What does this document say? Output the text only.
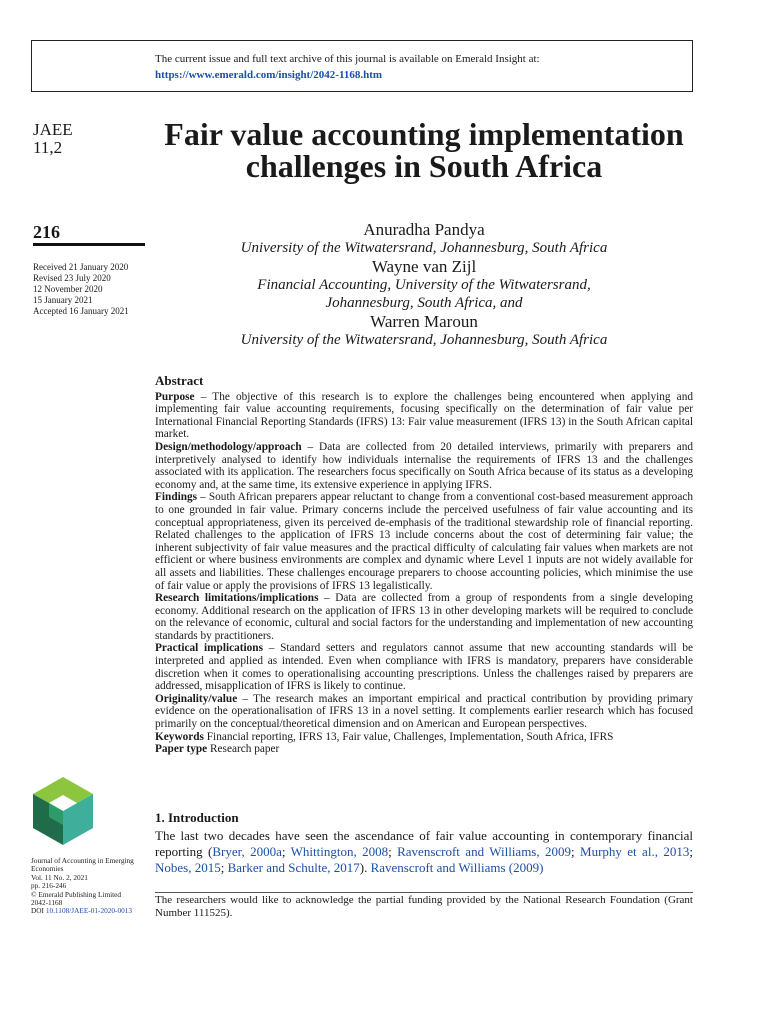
The current issue and full text archive of this journal is available on Emerald Insight at:
https://www.emerald.com/insight/2042-1168.htm
JAEE
11,2
216
Received 21 January 2020
Revised 23 July 2020
12 November 2020
15 January 2021
Accepted 16 January 2021
Fair value accounting implementation challenges in South Africa
Anuradha Pandya
University of the Witwatersrand, Johannesburg, South Africa
Wayne van Zijl
Financial Accounting, University of the Witwatersrand,
Johannesburg, South Africa, and
Warren Maroun
University of the Witwatersrand, Johannesburg, South Africa
Abstract

Purpose – The objective of this research is to explore the challenges being encountered when applying and implementing fair value accounting requirements, focusing specifically on the determination of fair value per International Financial Reporting Standards (IFRS) 13: Fair value measurement (IFRS 13) in the South African capital market.

Design/methodology/approach – Data are collected from 20 detailed interviews, primarily with preparers and interpretively analysed to identify how individuals internalise the requirements of IFRS 13 and the challenges associated with its application. The researchers focus specifically on South Africa because of its status as a developing economy and, at the same time, its extensive experience in applying IFRS.

Findings – South African preparers appear reluctant to change from a conventional cost-based measurement approach to one grounded in fair value. Primary concerns include the perceived usefulness of fair value accounting and its conceptual appropriateness, given its perceived de-emphasis of the traditional stewardship role of financial reporting. Related challenges to the application of IFRS 13 include concerns about the cost of determining fair value; the inherent subjectivity of fair value measures and the practical difficulty of calculating fair values when markets are not efficient or where business environments are complex and dynamic where Level 1 inputs are not widely available for all assets and liabilities. These challenges encourage preparers to choose accounting policies, which minimise the use of fair value or apply the provisions of IFRS 13 legalistically.

Research limitations/implications – Data are collected from a group of respondents from a single developing economy. Additional research on the application of IFRS 13 in other developing markets will be required to conclude on the relevance of economic, cultural and social factors for the understanding and implementation of new accounting standards by practitioners.

Practical implications – Standard setters and regulators cannot assume that new accounting standards will be interpreted and applied as intended. Even when compliance with IFRS is mandatory, preparers have considerable discretion when it comes to operationalising accounting prescriptions. Unless the challenges raised by preparers are addressed, misapplication of IFRS is likely to continue.

Originality/value – The research makes an important empirical and practical contribution by providing primary evidence on the operationalisation of IFRS 13 in a novel setting. It complements earlier research which has focused primarily on the conceptual/theoretical dimension and on American and European perspectives.

Keywords Financial reporting, IFRS 13, Fair value, Challenges, Implementation, South Africa, IFRS

Paper type Research paper

1. Introduction
The last two decades have seen the ascendance of fair value accounting in contemporary financial reporting (Bryer, 2000a; Whittington, 2008; Ravenscroft and Williams, 2009; Murphy et al., 2013; Nobes, 2015; Barker and Schulte, 2017). Ravenscroft and Williams (2009)
The researchers would like to acknowledge the partial funding provided by the National Research Foundation (Grant Number 111525).
Journal of Accounting in Emerging Economies
Vol. 11 No. 2, 2021
pp. 216-246
© Emerald Publishing Limited
2042-1168
DOI 10.1108/JAEE-01-2020-0013
